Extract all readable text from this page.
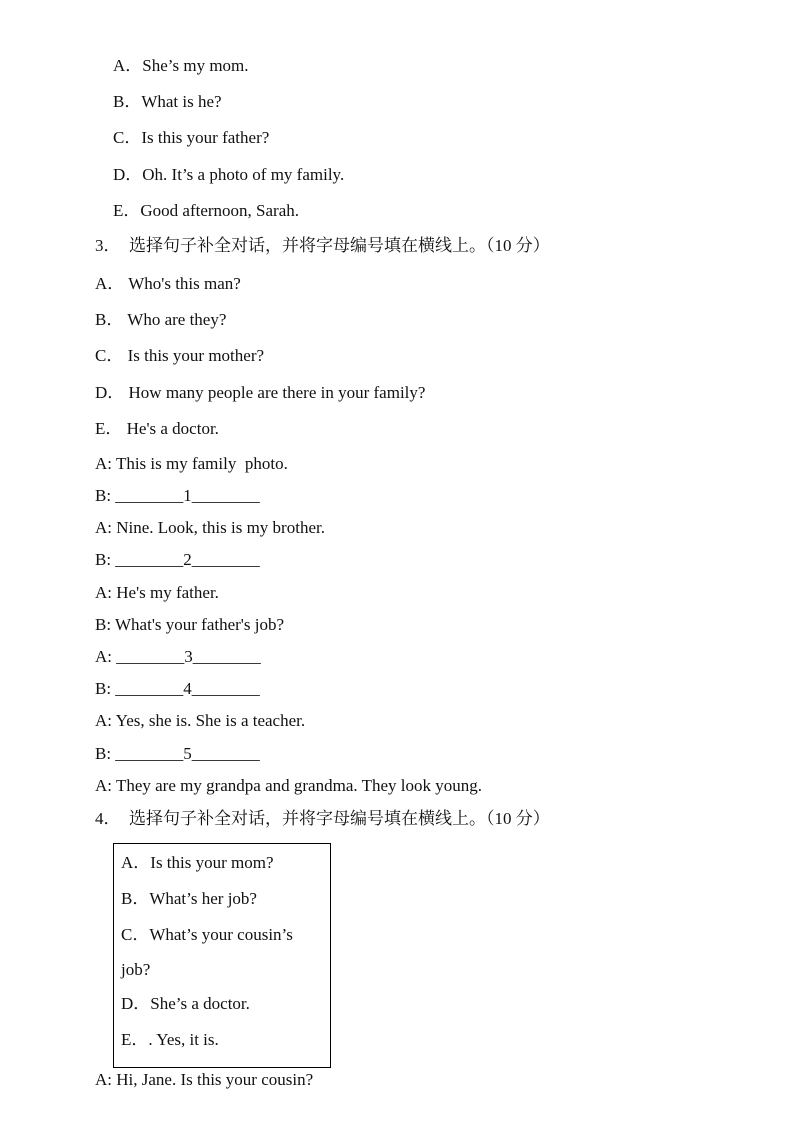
A．She’s my mom.
B．What is he?
C．Is this your father?
D．Oh. It’s a photo of my family.
E．Good afternoon, Sarah.
3．　选择句子补全对话，并将字母编号填在横线上。（10 分）
A． Who's this man?
B． Who are they?
C． Is this your mother?
D． How many people are there in your family?
E． He's a doctor.
A: This is my family  photo.
B: ________1________
A: Nine. Look, this is my brother.
B: ________2________
A: He's my father.
B: What's your father's job?
A: ________3________
B: ________4________
A: Yes, she is. She is a teacher.
B: ________5________
A: They are my grandpa and grandma. They look young.
4．　选择句子补全对话，并将字母编号填在横线上。（10 分）
A．Is this your mom?
B．What’s her job?
C．What’s your cousin’s
job?
D．She’s a doctor.
E．. Yes, it is.
A: Hi, Jane. Is this your cousin?
